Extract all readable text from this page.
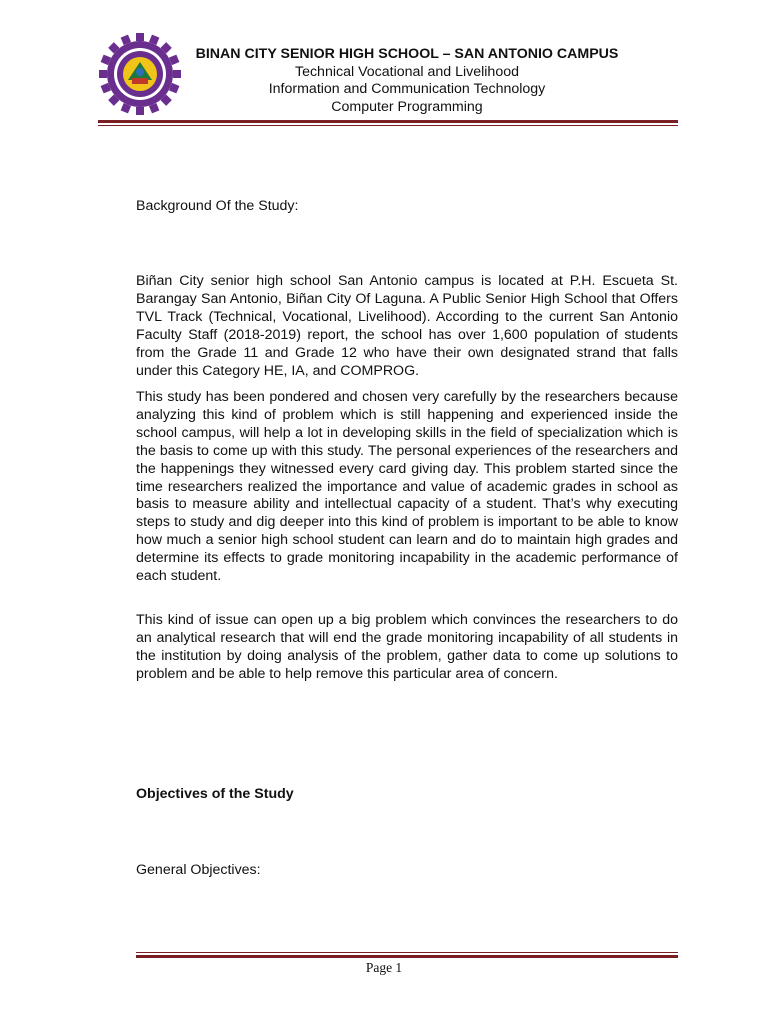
BINAN CITY SENIOR HIGH SCHOOL – SAN ANTONIO CAMPUS
Technical Vocational and Livelihood
Information and Communication Technology
Computer Programming
Background Of the Study:

Biñan City senior high school San Antonio campus is located at P.H. Escueta St. Barangay San Antonio, Biñan City Of Laguna. A Public Senior High School that Offers TVL Track (Technical, Vocational, Livelihood). According to the current San Antonio Faculty Staff (2018-2019) report, the school has over 1,600 population of students from the Grade 11 and Grade 12 who have their own designated strand that falls under this Category HE, IA, and COMPROG.

This study has been pondered and chosen very carefully by the researchers because analyzing this kind of problem which is still happening and experienced inside the school campus, will help a lot in developing skills in the field of specialization which is the basis to come up with this study. The personal experiences of the researchers and the happenings they witnessed every card giving day. This problem started since the time researchers realized the importance and value of academic grades in school as basis to measure ability and intellectual capacity of a student. That’s why executing steps to study and dig deeper into this kind of problem is important to be able to know how much a senior high school student can learn and do to maintain high grades and determine its effects to grade monitoring incapability in the academic performance of each student.

This kind of issue can open up a big problem which convinces the researchers to do an analytical research that will end the grade monitoring incapability of all students in the institution by doing analysis of the problem, gather data to come up solutions to problem and be able to help remove this particular area of concern.

Objectives of the Study
General Objectives:
Page 1
